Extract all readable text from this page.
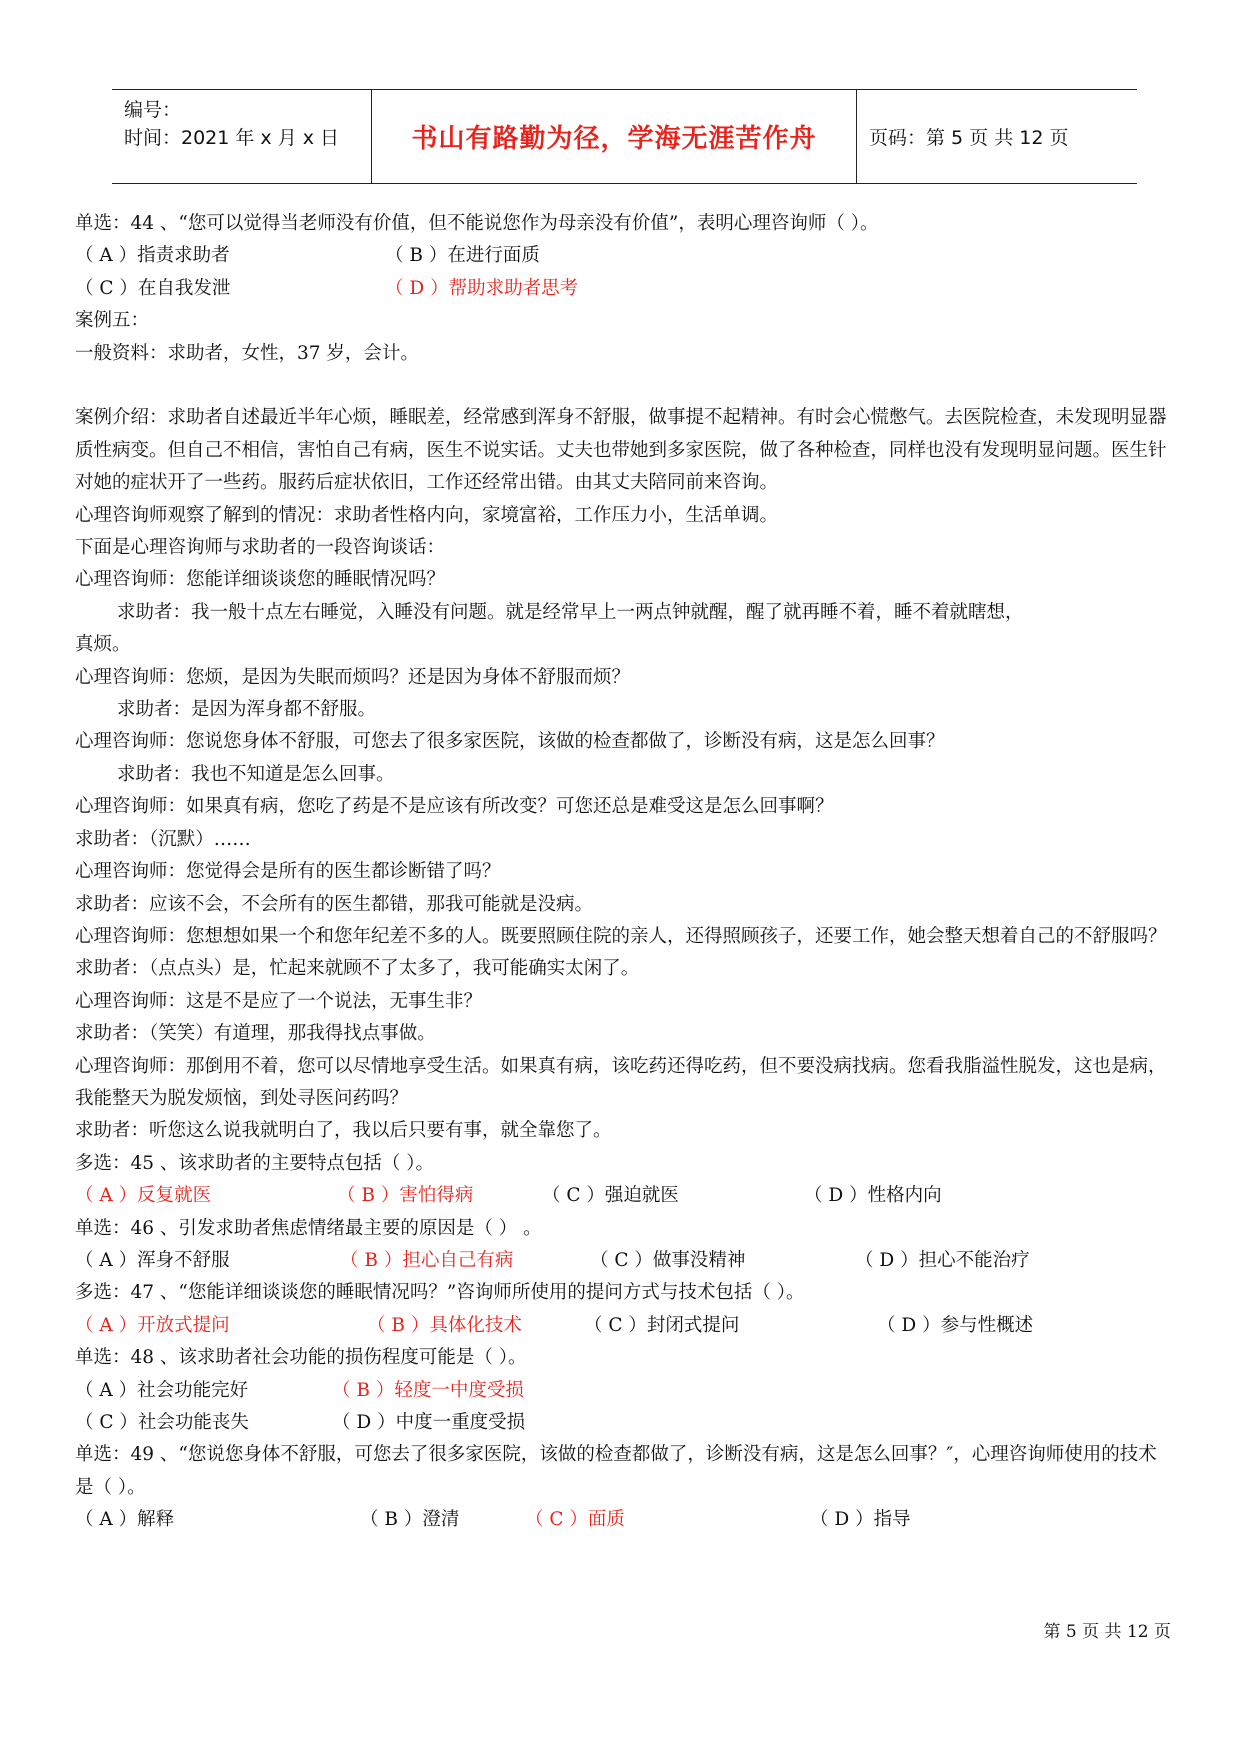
编号：
时间：2021 年 x 月 x 日	书山有路勤为径，学海无涯苦作舟	页码：第 5 页 共 12 页
单选：44 、“您可以觉得当老师没有价值，但不能说您作为母亲没有价值”，表明心理咨询师（ ）。
（ A ）指责求助者	（ B ）在进行面质
（ C ）在自我发泄	（ D ）帮助求助者思考
案例五：
一般资料：求助者，女性，37 岁，会计。
案例介绍：求助者自述最近半年心烦，睡眠差，经常感到浑身不舒服，做事提不起精神。有时会心慌憋气。去医院检查，未发现明显器质性病变。但自己不相信，害怕自己有病，医生不说实话。丈夫也带她到多家医院，做了各种检查，同样也没有发现明显问题。医生针对她的症状开了一些药。服药后症状依旧，工作还经常出错。由其丈夫陪同前来咨询。
心理咨询师观察了解到的情况：求助者性格内向，家境富裕，工作压力小，生活单调。
下面是心理咨询师与求助者的一段咨询谈话：
心理咨询师：您能详细谈谈您的睡眠情况吗？
求助者：我一般十点左右睡觉，入睡没有问题。就是经常早上一两点钟就醒，醒了就再睡不着，睡不着就瞎想，
真烦。
心理咨询师：您烦，是因为失眠而烦吗？还是因为身体不舒服而烦？
求助者：是因为浑身都不舒服。
心理咨询师：您说您身体不舒服，可您去了很多家医院，该做的检查都做了，诊断没有病，这是怎么回事？
求助者：我也不知道是怎么回事。
心理咨询师：如果真有病，您吃了药是不是应该有所改变？可您还总是难受这是怎么回事啊？
求助者：（沉默）……
心理咨询师：您觉得会是所有的医生都诊断错了吗？
求助者：应该不会，不会所有的医生都错，那我可能就是没病。
心理咨询师：您想想如果一个和您年纪差不多的人。既要照顾住院的亲人，还得照顾孩子，还要工作，她会整天想着自己的不舒服吗？
求助者：（点点头）是，忙起来就顾不了太多了，我可能确实太闲了。
心理咨询师：这是不是应了一个说法，无事生非？
求助者：（笑笑）有道理，那我得找点事做。
心理咨询师：那倒用不着，您可以尽情地享受生活。如果真有病，该吃药还得吃药，但不要没病找病。您看我脂溢性脱发，这也是病，我能整天为脱发烦恼，到处寻医问药吗？
求助者：听您这么说我就明白了，我以后只要有事，就全靠您了。
多选：45 、该求助者的主要特点包括（ ）。
（ A ）反复就医	（ B ）害怕得病	（ C ）强迫就医	（ D ）性格内向
单选：46 、引发求助者焦虑情绪最主要的原因是（ ） 。
（ A ）浑身不舒服	（ B ）担心自己有病	（ C ）做事没精神	（ D ）担心不能治疗
多选：47 、“您能详细谈谈您的睡眠情况吗？”咨询师所使用的提问方式与技术包括（ ）。
（ A ）开放式提问	（ B ）具体化技术	（ C ）封闭式提问	（ D ）参与性概述
单选：48 、该求助者社会功能的损伤程度可能是（ ）。
（ A ）社会功能完好	（ B ）轻度一中度受损
（ C ）社会功能丧失	（ D ）中度一重度受损
单选：49 、“您说您身体不舒服，可您去了很多家医院，该做的检查都做了，诊断没有病，这是怎么回事？″，心理咨询师使用的技术是（ ）。
（ A ）解释	（ B ）澄清	（ C ）面质	（ D ）指导
第 5 页 共 12 页
